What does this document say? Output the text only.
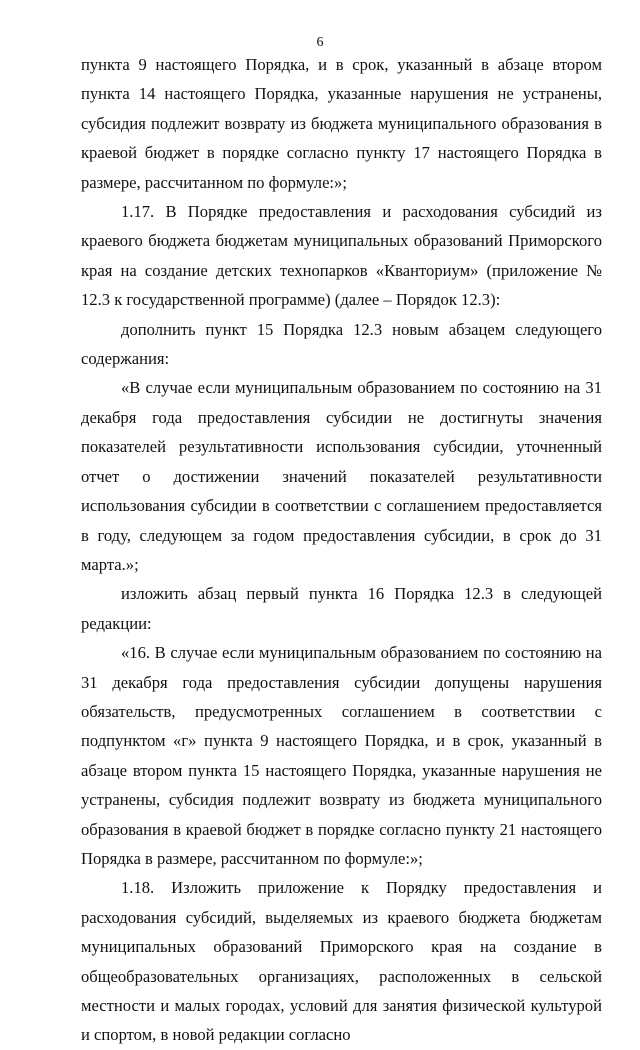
6

пункта 9 настоящего Порядка, и в срок, указанный в абзаце втором пункта 14 настоящего Порядка, указанные нарушения не устранены, субсидия подлежит возврату из бюджета муниципального образования в краевой бюджет в порядке согласно пункту 17 настоящего Порядка в размере, рассчитанном по формуле:»;

1.17. В Порядке предоставления и расходования субсидий из краевого бюджета бюджетам муниципальных образований Приморского края на создание детских технопарков «Кванториум» (приложение № 12.3 к государственной программе) (далее – Порядок 12.3):

дополнить пункт 15 Порядка 12.3 новым абзацем следующего содержания:

«В случае если муниципальным образованием по состоянию на 31 декабря года предоставления субсидии не достигнуты значения показателей результативности использования субсидии, уточненный отчет о достижении значений показателей результативности использования субсидии в соответствии с соглашением предоставляется в году, следующем за годом предоставления субсидии, в срок до 31 марта.»;

изложить абзац первый пункта 16 Порядка 12.3 в следующей редакции:

«16. В случае если муниципальным образованием по состоянию на 31 декабря года предоставления субсидии допущены нарушения обязательств, предусмотренных соглашением в соответствии с подпунктом «г» пункта 9 настоящего Порядка, и в срок, указанный в абзаце втором пункта 15 настоящего Порядка, указанные нарушения не устранены, субсидия подлежит возврату из бюджета муниципального образования в краевой бюджет в порядке согласно пункту 21 настоящего Порядка в размере, рассчитанном по формуле:»;

1.18. Изложить приложение к Порядку предоставления и расходования субсидий, выделяемых из краевого бюджета бюджетам муниципальных образований Приморского края на создание в общеобразовательных организациях, расположенных в сельской местности и малых городах, условий для занятия физической культурой и спортом, в новой редакции согласно
